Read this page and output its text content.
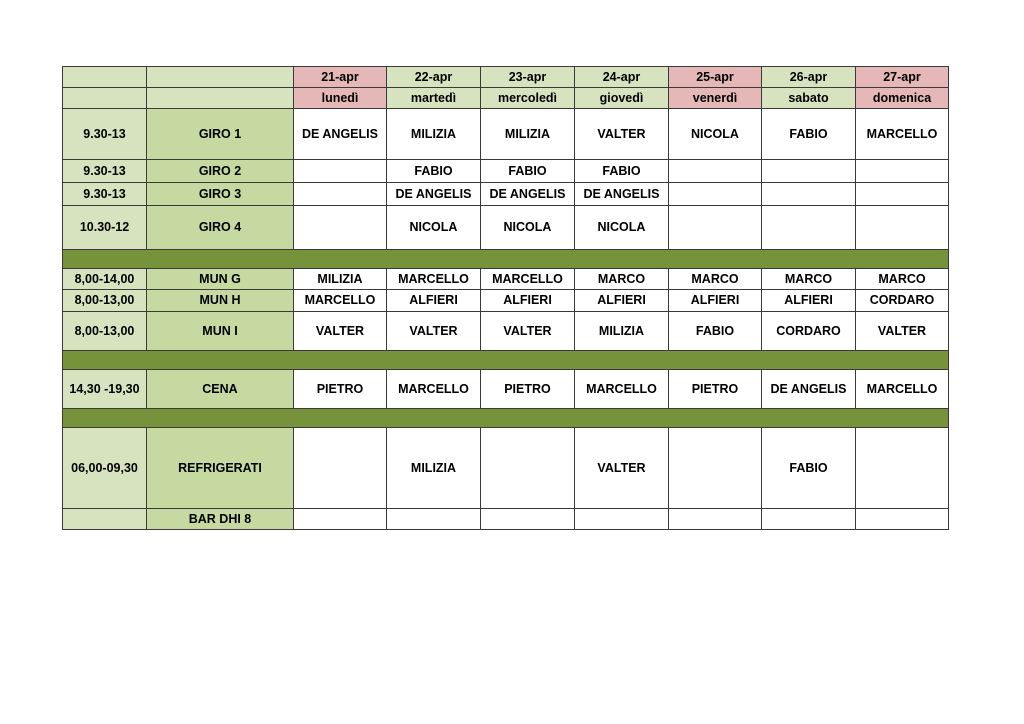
		21-apr	22-apr	23-apr	24-apr	25-apr	26-apr	27-apr
		lunedì	martedì	mercoledì	giovedì	venerdì	sabato	domenica
9.30-13	GIRO 1	DE ANGELIS	MILIZIA	MILIZIA	VALTER	NICOLA	FABIO	MARCELLO
9.30-13	GIRO 2		FABIO	FABIO	FABIO			
9.30-13	GIRO 3		DE ANGELIS	DE ANGELIS	DE ANGELIS			
10.30-12	GIRO 4		NICOLA	NICOLA	NICOLA			

8,00-14,00	MUN G	MILIZIA	MARCELLO	MARCELLO	MARCO	MARCO	MARCO	MARCO
8,00-13,00	MUN H	MARCELLO	ALFIERI	ALFIERI	ALFIERI	ALFIERI	ALFIERI	CORDARO
8,00-13,00	MUN I	VALTER	VALTER	VALTER	MILIZIA	FABIO	CORDARO	VALTER

14,30 -19,30	CENA	PIETRO	MARCELLO	PIETRO	MARCELLO	PIETRO	DE ANGELIS	MARCELLO

06,00-09,30	REFRIGERATI		MILIZIA		VALTER		FABIO	
	BAR DHI 8							
